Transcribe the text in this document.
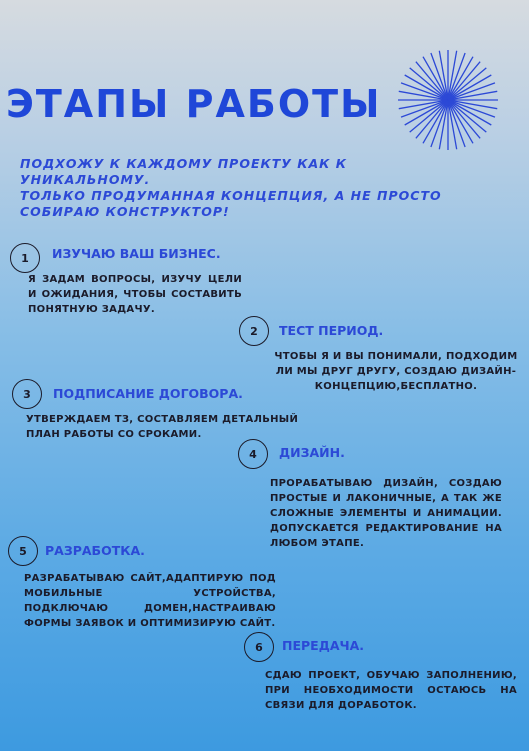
ЭТАПЫ РАБОТЫ
ПОДХОЖУ К КАЖДОМУ ПРОЕКТУ КАК К
УНИКАЛЬНОМУ.
ТОЛЬКО ПРОДУМАННАЯ КОНЦЕПЦИЯ, А НЕ ПРОСТО
СОБИРАЮ КОНСТРУКТОР!
1	ИЗУЧАЮ ВАШ БИЗНЕС.
Я ЗАДАМ ВОПРОСЫ, ИЗУЧУ ЦЕЛИ И ОЖИДАНИЯ, ЧТОБЫ СОСТАВИТЬ ПОНЯТНУЮ ЗАДАЧУ.
2	ТЕСТ ПЕРИОД.
ЧТОБЫ Я И ВЫ ПОНИМАЛИ, ПОДХОДИМ ЛИ МЫ ДРУГ ДРУГУ, СОЗДАЮ ДИЗАЙН-КОНЦЕПЦИЮ,БЕСПЛАТНО.
3	ПОДПИСАНИЕ ДОГОВОРА.
УТВЕРЖДАЕМ ТЗ, СОСТАВЛЯЕМ ДЕТАЛЬНЫЙ ПЛАН РАБОТЫ СО СРОКАМИ.
4	ДИЗАЙН.
ПРОРАБАТЫВАЮ ДИЗАЙН, СОЗДАЮ ПРОСТЫЕ И ЛАКОНИЧНЫЕ, А ТАК ЖЕ СЛОЖНЫЕ ЭЛЕМЕНТЫ И АНИМАЦИИ. ДОПУСКАЕТСЯ РЕДАКТИРОВАНИЕ НА ЛЮБОМ ЭТАПЕ.
5	РАЗРАБОТКА.
РАЗРАБАТЫВАЮ САЙТ,АДАПТИРУЮ ПОД МОБИЛЬНЫЕ УСТРОЙСТВА, ПОДКЛЮЧАЮ ДОМЕН,НАСТРАИВАЮ ФОРМЫ ЗАЯВОК И ОПТИМИЗИРУЮ САЙТ.
6	ПЕРЕДАЧА.
СДАЮ ПРОЕКТ, ОБУЧАЮ ЗАПОЛНЕНИЮ, ПРИ НЕОБХОДИМОСТИ ОСТАЮСЬ НА СВЯЗИ ДЛЯ ДОРАБОТОК.
